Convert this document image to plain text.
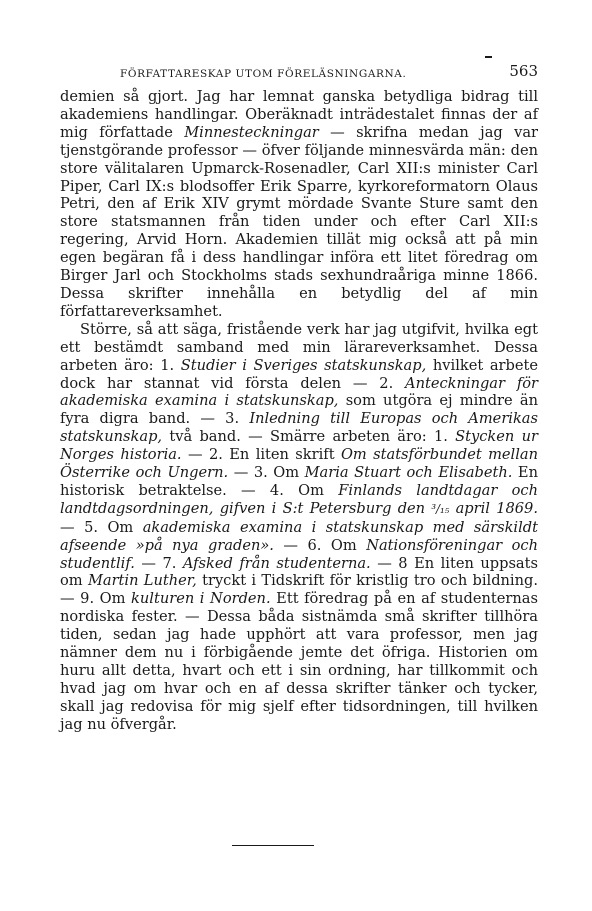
FÖRFATTARESKAP UTOM FÖRELÄSNINGARNA.	563

demien så gjort. Jag har lemnat ganska betydliga bidrag till akademiens handlingar. Oberäknadt inträdestalet finnas der af mig författade Minnesteckningar — skrifna medan jag var tjenstgörande professor — öfver följande minnesvärda män: den store välitalaren Upmarck-Rosenadler, Carl XII:s minister Carl Piper, Carl IX:s blodsoffer Erik Sparre, kyrkoreformatorn Olaus Petri, den af Erik XIV grymt mördade Svante Sture samt den store statsmannen från tiden under och efter Carl XII:s regering, Arvid Horn. Akademien tillät mig också att på min egen begäran få i dess handlingar införa ett litet föredrag om Birger Jarl och Stockholms stads sexhundraåriga minne 1866. Dessa skrifter innehålla en betydlig del af min författareverksamhet.

Större, så att säga, fristående verk har jag utgifvit, hvilka egt ett bestämdt samband med min lärareverksamhet. Dessa arbeten äro: 1. Studier i Sveriges statskunskap, hvilket arbete dock har stannat vid första delen — 2. Anteckningar för akademiska examina i statskunskap, som utgöra ej mindre än fyra digra band. — 3. Inledning till Europas och Amerikas statskunskap, två band. — Smärre arbeten äro: 1. Stycken ur Norges historia. — 2. En liten skrift Om statsförbundet mellan Österrike och Ungern. — 3. Om Maria Stuart och Elisabeth. En historisk betraktelse. — 4. Om Finlands landtdagar och landtdagsordningen, gifven i S:t Petersburg den ³/₁₅ april 1869. — 5. Om akademiska examina i statskunskap med särskildt afseende »på nya graden». — 6. Om Nationsföreningar och studentlif. — 7. Afsked från studenterna. — 8 En liten uppsats om Martin Luther, tryckt i Tidskrift för kristlig tro och bildning. — 9. Om kulturen i Norden. Ett föredrag på en af studenternas nordiska fester. — Dessa båda sistnämda små skrifter tillhöra tiden, sedan jag hade upphört att vara professor, men jag nämner dem nu i förbigående jemte det öfriga. Historien om huru allt detta, hvart och ett i sin ordning, har tillkommit och hvad jag om hvar och en af dessa skrifter tänker och tycker, skall jag redovisa för mig sjelf efter tidsordningen, till hvilken jag nu öfvergår.
